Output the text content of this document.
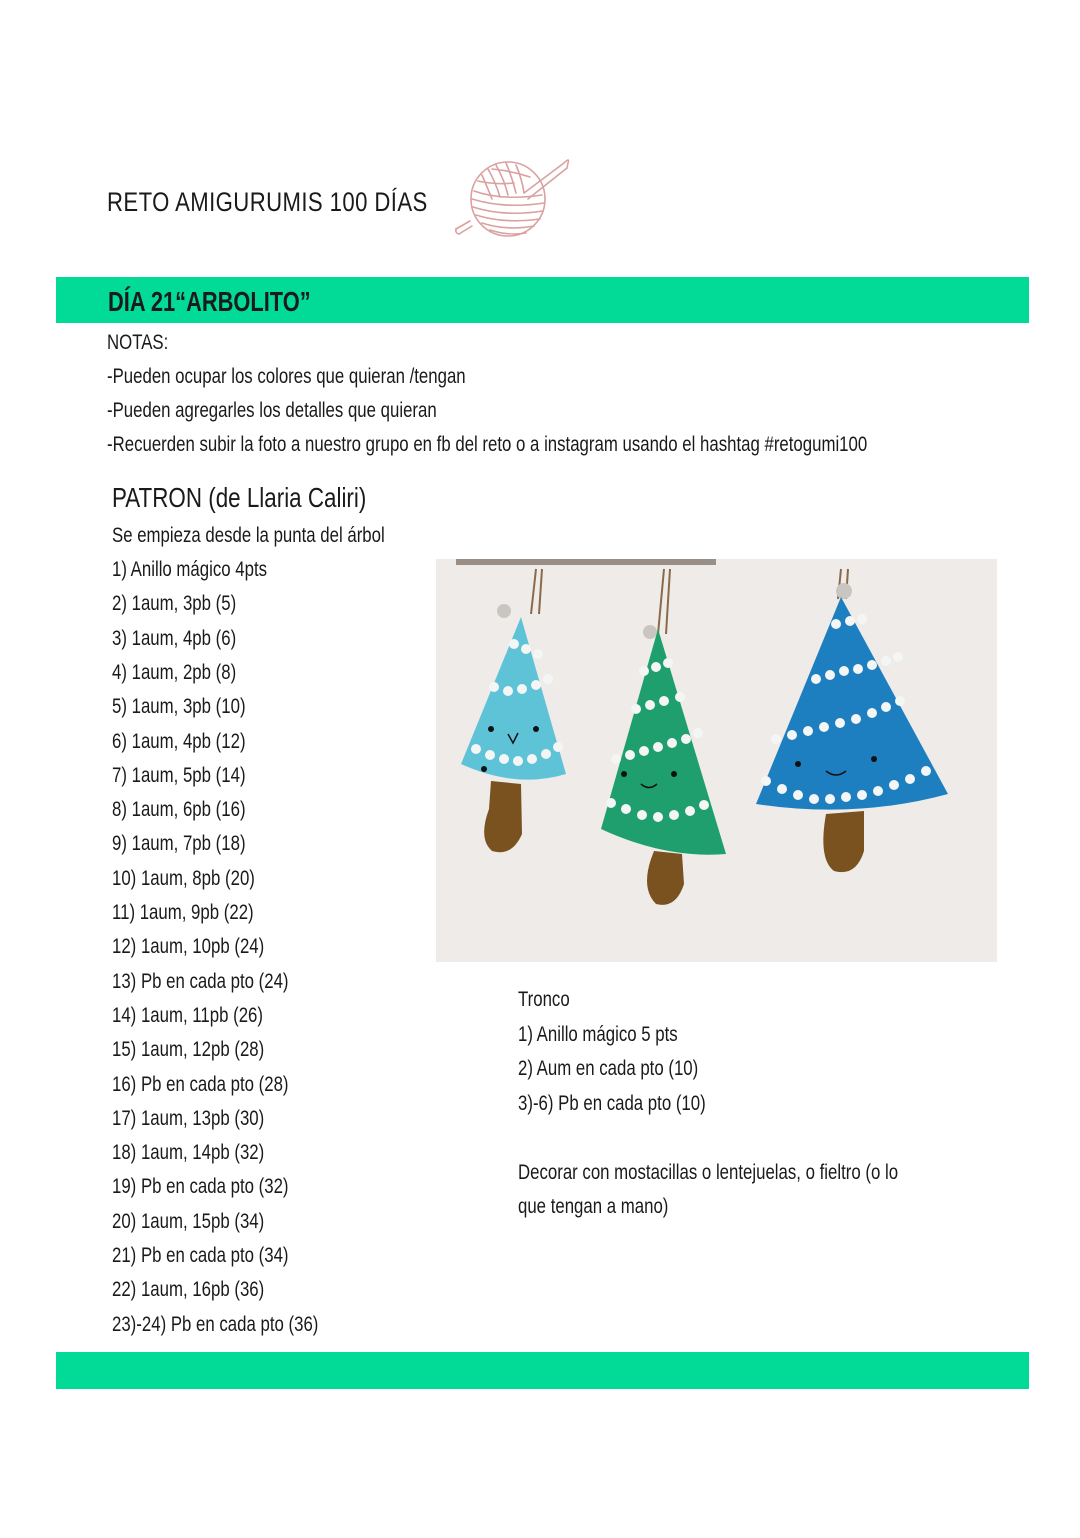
RETO AMIGURUMIS 100 DÍAS
DÍA 21“ARBOLITO”
NOTAS:
-Pueden ocupar los colores que quieran /tengan
-Pueden agregarles los detalles que quieran
-Recuerden subir la foto a nuestro grupo en fb del reto o a instagram usando el hashtag #retogumi100
PATRON (de Llaria Caliri)
Se empieza desde la punta del árbol
1) Anillo mágico 4pts
2) 1aum, 3pb (5)
3) 1aum, 4pb (6)
4) 1aum, 2pb (8)
5) 1aum, 3pb (10)
6) 1aum, 4pb (12)
7) 1aum, 5pb (14)
8) 1aum, 6pb (16)
9) 1aum, 7pb (18)
10) 1aum, 8pb (20)
11) 1aum, 9pb (22)
12) 1aum, 10pb (24)
13) Pb en cada pto (24)
14) 1aum, 11pb (26)
15) 1aum, 12pb (28)
16) Pb en cada pto (28)
17) 1aum, 13pb (30)
18) 1aum, 14pb (32)
19) Pb en cada pto (32)
20) 1aum, 15pb (34)
21) Pb en cada pto (34)
22) 1aum, 16pb (36)
23)-24) Pb en cada pto (36)
Tronco
1) Anillo mágico 5 pts
2) Aum en cada pto (10)
3)-6) Pb en cada pto (10)
Decorar con mostacillas o lentejuelas, o fieltro (o lo
que tengan a mano)
